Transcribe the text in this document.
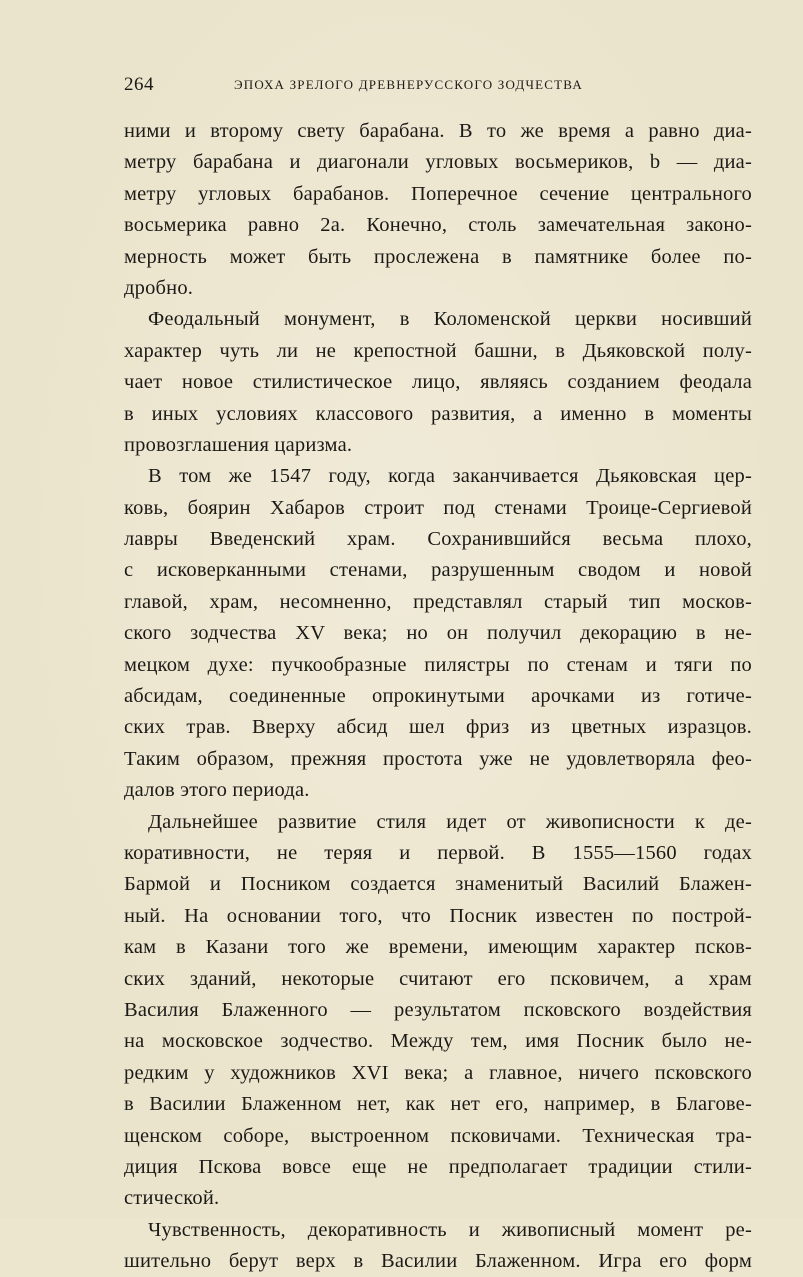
264	ЭПОХА ЗРЕЛОГО ДРЕВНЕРУССКОГО ЗОДЧЕСТВА
ними и второму свету барабана. В то же время a равно диа-
метру барабана и диагонали угловых восьмериков, b — диа-
метру угловых барабанов. Поперечное сечение центрального
восьмерика равно 2a. Конечно, столь замечательная законо-
мерность может быть прослежена в памятнике более по-
дробно.
Феодальный монумент, в Коломенской церкви носивший
характер чуть ли не крепостной башни, в Дьяковской полу-
чает новое стилистическое лицо, являясь созданием феодала
в иных условиях классового развития, а именно в моменты
провозглашения царизма.
В том же 1547 году, когда заканчивается Дьяковская цер-
ковь, боярин Хабаров строит под стенами Троице-Сергиевой
лавры Введенский храм. Сохранившийся весьма плохо,
с исковерканными стенами, разрушенным сводом и новой
главой, храм, несомненно, представлял старый тип москов-
ского зодчества XV века; но он получил декорацию в не-
мецком духе: пучкообразные пилястры по стенам и тяги по
абсидам, соединенные опрокинутыми арочками из готиче-
ских трав. Вверху абсид шел фриз из цветных изразцов.
Таким образом, прежняя простота уже не удовлетворяла фео-
далов этого периода.
Дальнейшее развитие стиля идет от живописности к де-
коративности, не теряя и первой. В 1555—1560 годах
Бармой и Посником создается знаменитый Василий Блажен-
ный. На основании того, что Посник известен по построй-
кам в Казани того же времени, имеющим характер псков-
ских зданий, некоторые считают его псковичем, а храм
Василия Блаженного — результатом псковского воздействия
на московское зодчество. Между тем, имя Посник было не-
редким у художников XVI века; а главное, ничего псковского
в Василии Блаженном нет, как нет его, например, в Благове-
щенском соборе, выстроенном псковичами. Техническая тра-
диция Пскова вовсе еще не предполагает традиции стили-
стической.
Чувственность, декоративность и живописный момент ре-
шительно берут верх в Василии Блаженном. Игра его форм
